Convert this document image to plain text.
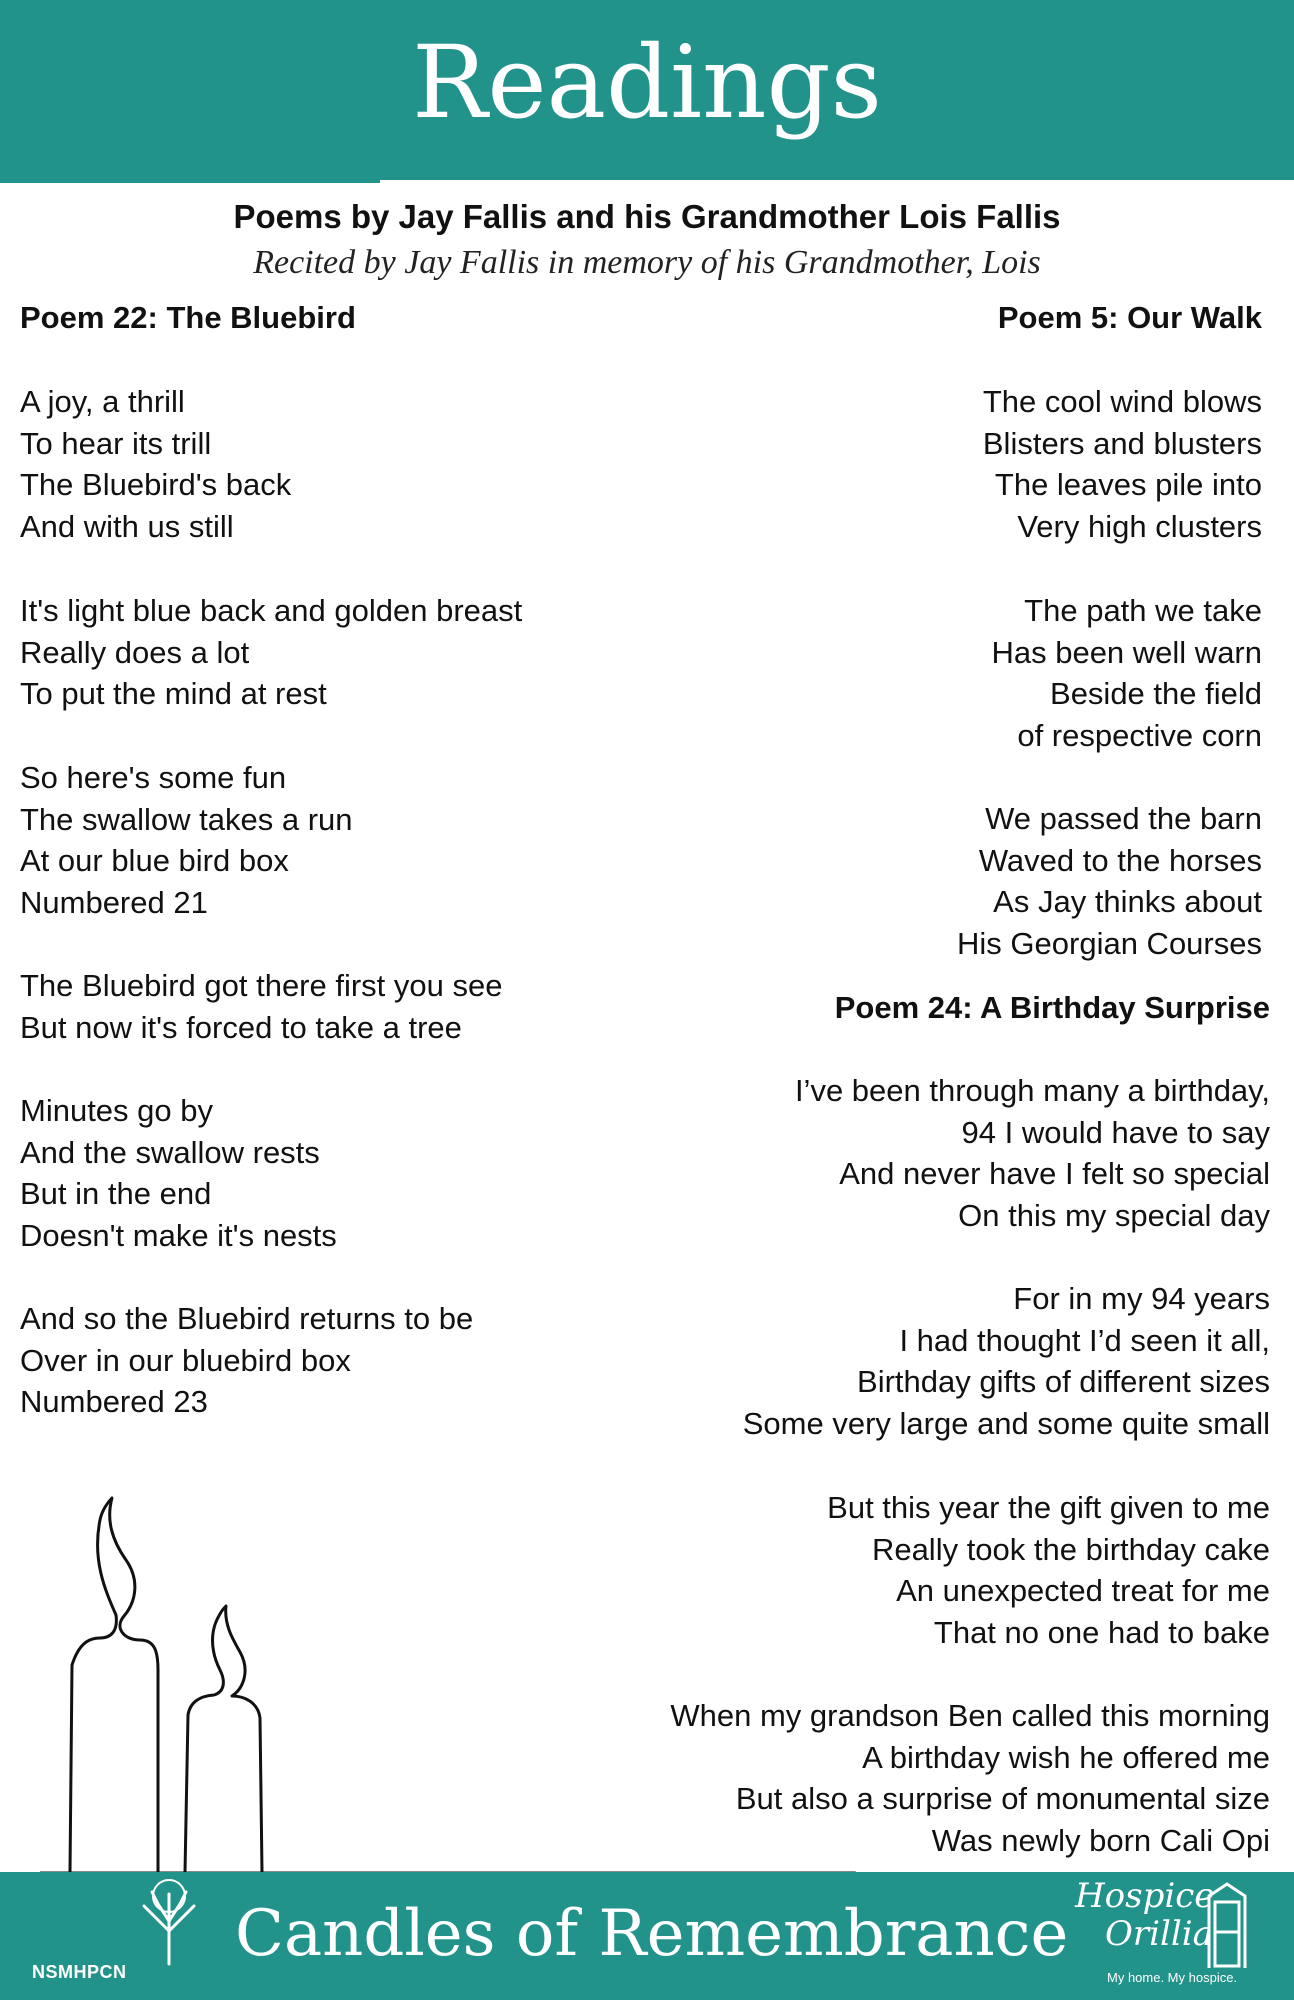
Readings
Poems by Jay Fallis and his Grandmother Lois Fallis
Recited by Jay Fallis in memory of his Grandmother, Lois
Poem 22: The Bluebird
A joy, a thrill
To hear its trill
The Bluebird's back
And with us still
It's light blue back and golden breast
Really does a lot
To put the mind at rest
So here's some fun
The swallow takes a run
At our blue bird box
Numbered 21
The Bluebird got there first you see
But now it's forced to take a tree
Minutes go by
And the swallow rests
But in the end
Doesn't make it's nests
And so the Bluebird returns to be
Over in our bluebird box
Numbered 23
Poem 5: Our Walk
The cool wind blows
Blisters and blusters
The leaves pile into
Very high clusters
The path we take
Has been well warn
Beside the field
of respective corn
We passed the barn
Waved to the horses
As Jay thinks about
His Georgian Courses
Poem 24: A Birthday Surprise
I’ve been through many a birthday,
94 I would have to say
And never have I felt so special
On this my special day
For in my 94 years
I had thought I’d seen it all,
Birthday gifts of different sizes
Some very large and some quite small
But this year the gift given to me
Really took the birthday cake
An unexpected treat for me
That no one had to bake
When my grandson Ben called this morning
A birthday wish he offered me
But also a surprise of monumental size
Was newly born Cali Opi
NSMHPCN
Candles of Remembrance
Hospice
Orillia
My home. My hospice.
